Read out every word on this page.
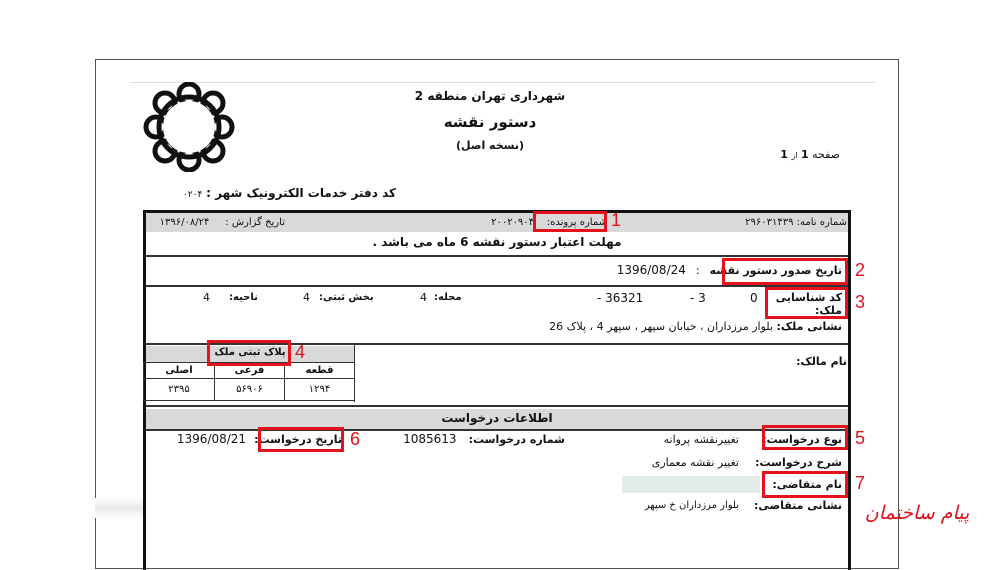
شهرداری تهران منطقه 2
دستور نقشه
(نسخه اصل)
صفحه 1 از 1
کد دفتر خدمات الکترونیک شهر : ۰۲۰۴
شماره نامه: ۲۹۶۰۳۱۴۳۹
شماره پرونده:    ۲۰۰۲۰۹۰۴
تاریخ گزارش :     ۱۳۹۶/۰۸/۲۴
مهلت اعتبار دستور نقشه 6 ماه می باشد .
تاریخ صدور دستور نقشه
:
1396/08/24
کد شناسایی ملک:
0
- 3
- 36321
محله:
4
بخش ثبتی:
4
ناحیه:
4
نشانی ملک: بلوار مرزداران ، خیابان سپهر ، سپهر 4 ، پلاک 26
پلاک ثبتی ملک
قطعه
فرعی
اصلی
۱۲۹۴
۵۶۹۰۶
۲۳۹۵
نام مالک:
اطلاعات درخواست
نوع درخواست:
تغییرنقشه پروانه
شماره درخواست:
1085613
تاریخ درخواست:
1396/08/21
شرح درخواست:
تغییر نقشه معماری
نام متقاضی:
نشانی متقاضی:
بلوار مرزداران خ سپهر
1
2
3
4
5
6
7
پیام ساختمان
